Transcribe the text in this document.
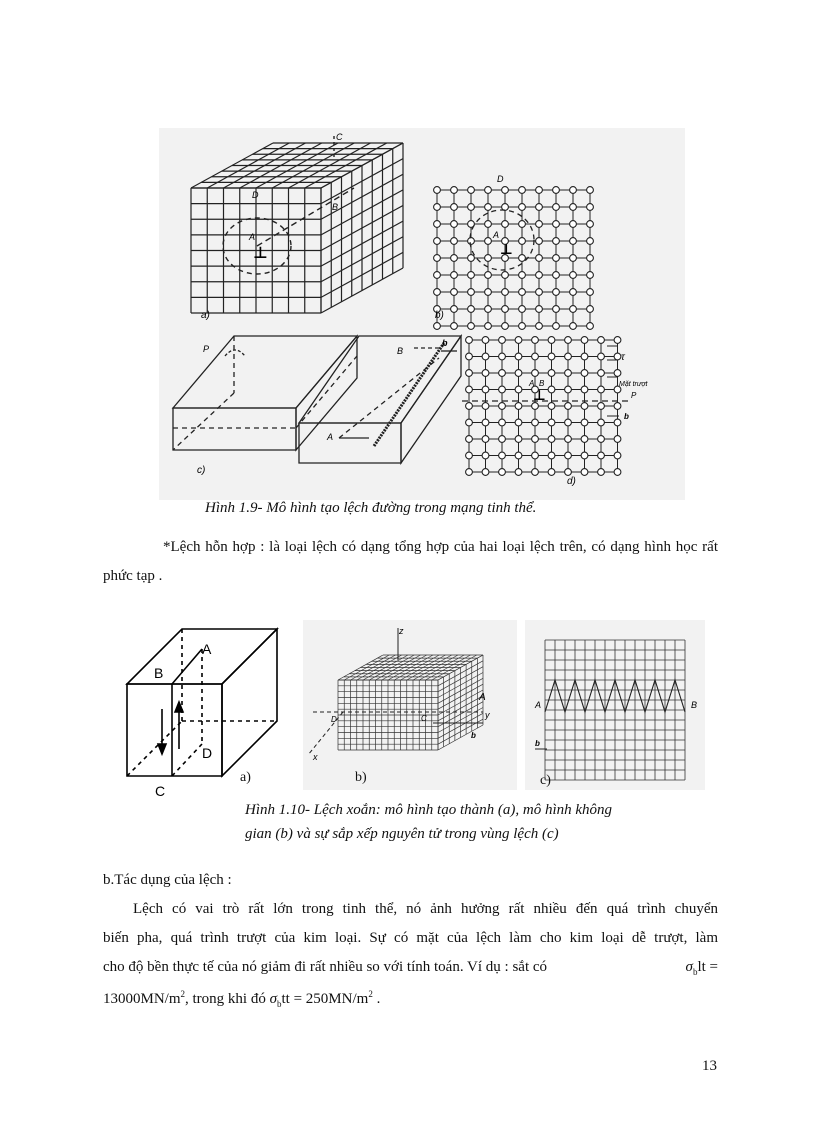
⊥
C
D
A
B
a)
⊥
D
A
b)
P	B
A
b
c)
⊥
A B
τ
Mặt trượt
P
b
d)
Hình 1.9- Mô hình tạo lệch đường trong mạng tinh thể.
*Lệch hỗn hợp : là loại lệch có dạng tổng hợp của hai loại lệch trên, có dạng hình học rất phức tạp .
A
B
D
C
a)
z
x
y
A
D	C
b
b)
A	B
b
c)
Hình 1.10- Lệch xoắn: mô hình tạo thành (a), mô hình không
gian (b) và sự sắp xếp nguyên tử trong vùng lệch (c)
b.Tác dụng của lệch :
Lệch có vai trò rất lớn trong tinh thể, nó ảnh hưởng rất nhiều đến quá trình chuyển
biến pha, quá trình trượt của kim loại. Sự có mặt của lệch làm cho kim loại dễ trượt, làm
cho độ bền thực tế của nó giảm đi rất nhiều so với tính toán. Ví dụ : sắt có	$\sigma_blt$ =
$13000MN/m^2$, trong khi đó $\sigma_btt = 250MN/m^2$ .
13
